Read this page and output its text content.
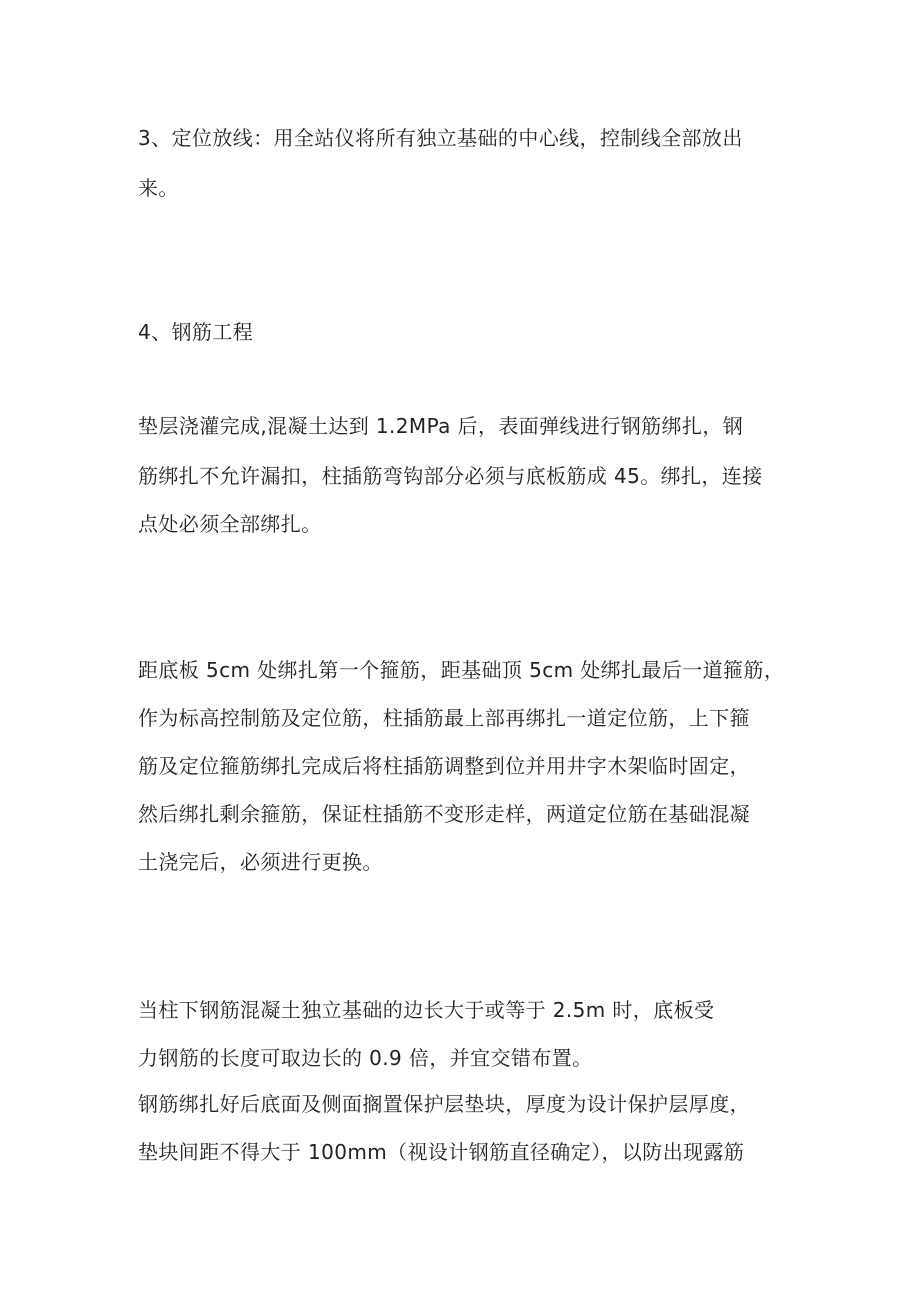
3、定位放线：用全站仪将所有独立基础的中心线，控制线全部放出
来。
4、钢筋工程
垫层浇灌完成,混凝土达到 1.2MPa 后，表面弹线进行钢筋绑扎，钢
筋绑扎不允许漏扣，柱插筋弯钩部分必须与底板筋成 45。绑扎，连接
点处必须全部绑扎。
距底板 5cm 处绑扎第一个箍筋，距基础顶 5cm 处绑扎最后一道箍筋，
作为标高控制筋及定位筋，柱插筋最上部再绑扎一道定位筋，上下箍
筋及定位箍筋绑扎完成后将柱插筋调整到位并用井字木架临时固定，
然后绑扎剩余箍筋，保证柱插筋不变形走样，两道定位筋在基础混凝
土浇完后，必须进行更换。
当柱下钢筋混凝土独立基础的边长大于或等于 2.5m 时，底板受
力钢筋的长度可取边长的 0.9 倍，并宜交错布置。
钢筋绑扎好后底面及侧面搁置保护层垫块，厚度为设计保护层厚度，
垫块间距不得大于 100mm（视设计钢筋直径确定），以防出现露筋
